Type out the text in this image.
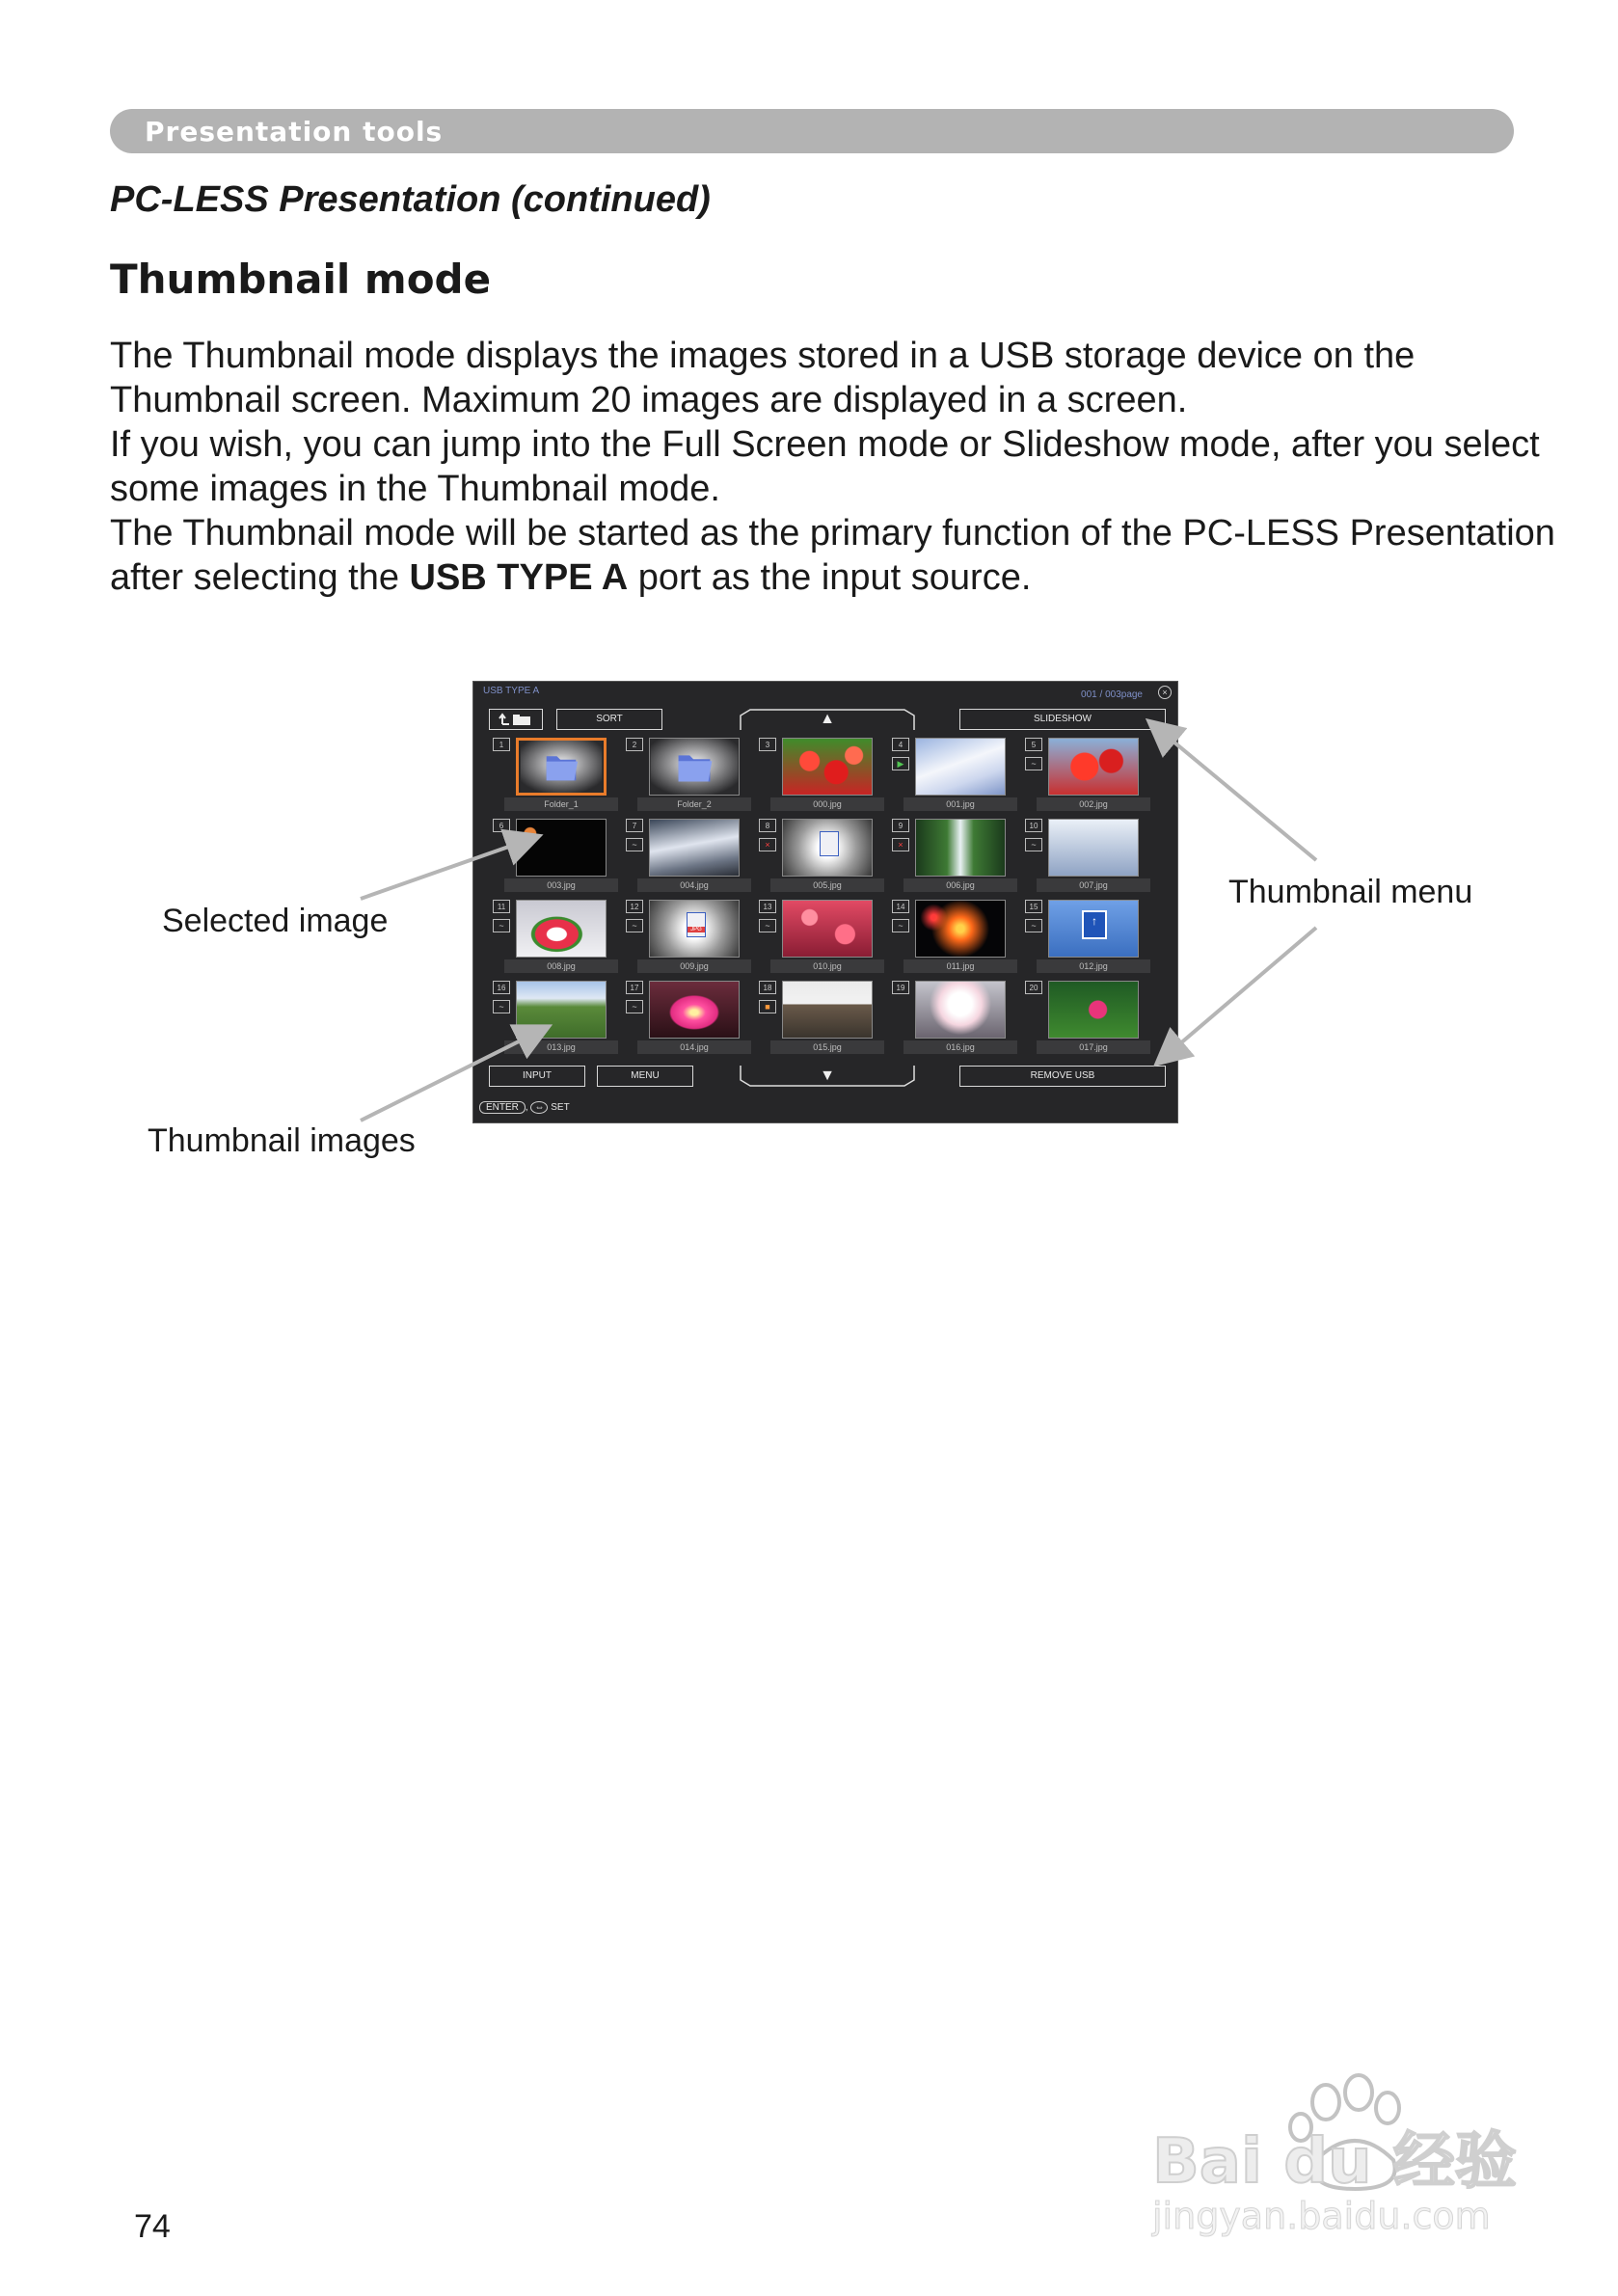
Presentation tools
PC-LESS Presentation (continued)
Thumbnail mode

The Thumbnail mode displays the images stored in a USB storage device on the Thumbnail screen. Maximum 20 images are displayed in a screen.

If you wish, you can jump into the Full Screen mode or Slideshow mode, after you select some images in the Thumbnail mode.

The Thumbnail mode will be started as the primary function of the PC-LESS Presentation after selecting the USB TYPE A port as the input source.

USB TYPE A	001 / 003page	×
SORT	▲	SLIDESHOW
1
Folder_1
2
Folder_2
3
000.jpg
4
▶
001.jpg
5
~
002.jpg
6
003.jpg
7
~
004.jpg
8
×
005.jpg
9
×
006.jpg
10
~
007.jpg
11
~
008.jpg
12
~	JPG
009.jpg
13
~
010.jpg
14
~
011.jpg
15
~	↑
012.jpg
16
~
013.jpg
17
~
014.jpg
18
■
015.jpg
19
016.jpg
20
017.jpg
INPUT	MENU	▼	REMOVE USB
ENTER , ⇔ SET
Selected image
Thumbnail menu
Thumbnail images
74
Bai du 经验
jingyan.baidu.com
